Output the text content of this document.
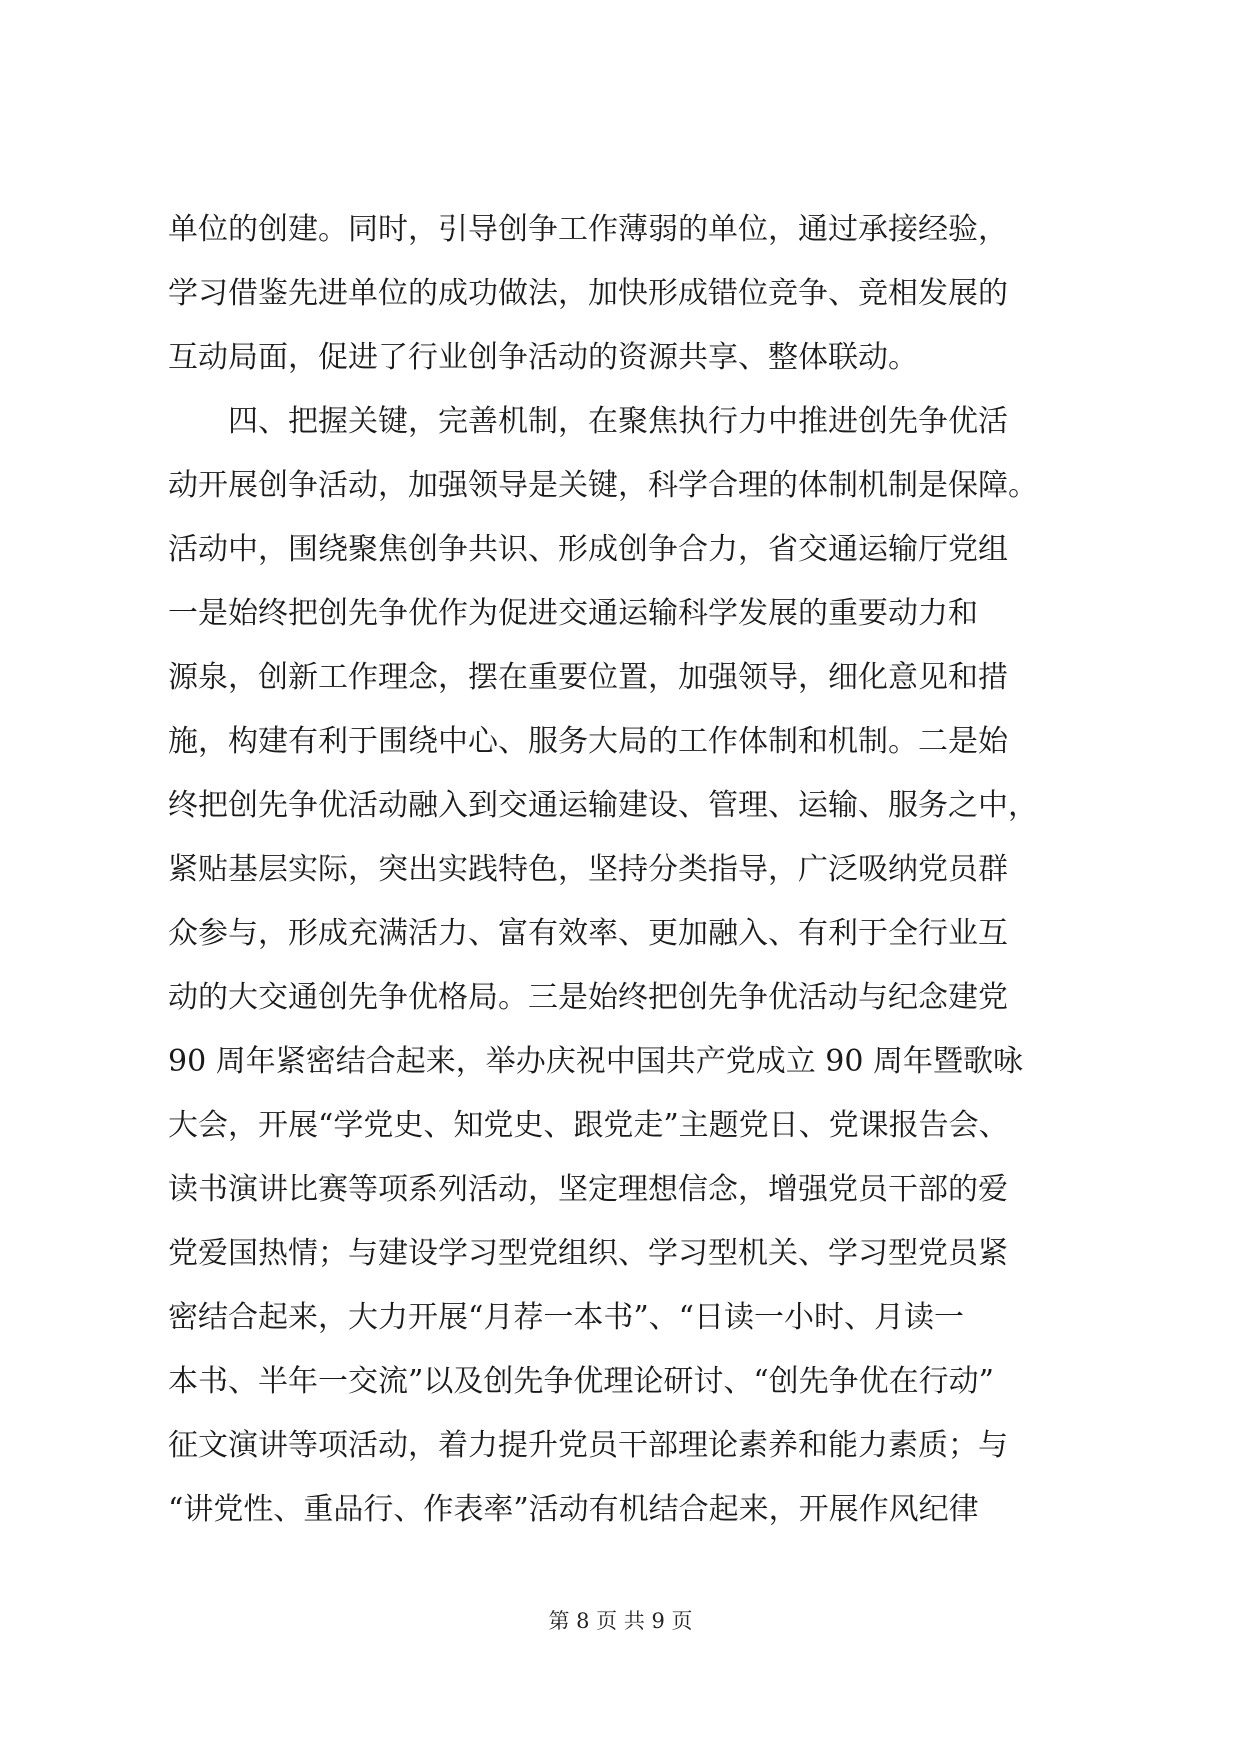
单位的创建。同时，引导创争工作薄弱的单位，通过承接经验，
学习借鉴先进单位的成功做法，加快形成错位竞争、竞相发展的
互动局面，促进了行业创争活动的资源共享、整体联动。
　　四、把握关键，完善机制，在聚焦执行力中推进创先争优活
动开展创争活动，加强领导是关键，科学合理的体制机制是保障。
活动中，围绕聚焦创争共识、形成创争合力，省交通运输厅党组
一是始终把创先争优作为促进交通运输科学发展的重要动力和
源泉，创新工作理念，摆在重要位置，加强领导，细化意见和措
施，构建有利于围绕中心、服务大局的工作体制和机制。二是始
终把创先争优活动融入到交通运输建设、管理、运输、服务之中，
紧贴基层实际，突出实践特色，坚持分类指导，广泛吸纳党员群
众参与，形成充满活力、富有效率、更加融入、有利于全行业互
动的大交通创先争优格局。三是始终把创先争优活动与纪念建党
90 周年紧密结合起来，举办庆祝中国共产党成立 90 周年暨歌咏
大会，开展“学党史、知党史、跟党走”主题党日、党课报告会、
读书演讲比赛等项系列活动，坚定理想信念，增强党员干部的爱
党爱国热情；与建设学习型党组织、学习型机关、学习型党员紧
密结合起来，大力开展“月荐一本书”、“日读一小时、月读一
本书、半年一交流”以及创先争优理论研讨、“创先争优在行动”
征文演讲等项活动，着力提升党员干部理论素养和能力素质；与
“讲党性、重品行、作表率”活动有机结合起来，开展作风纪律
第 8 页 共 9 页
